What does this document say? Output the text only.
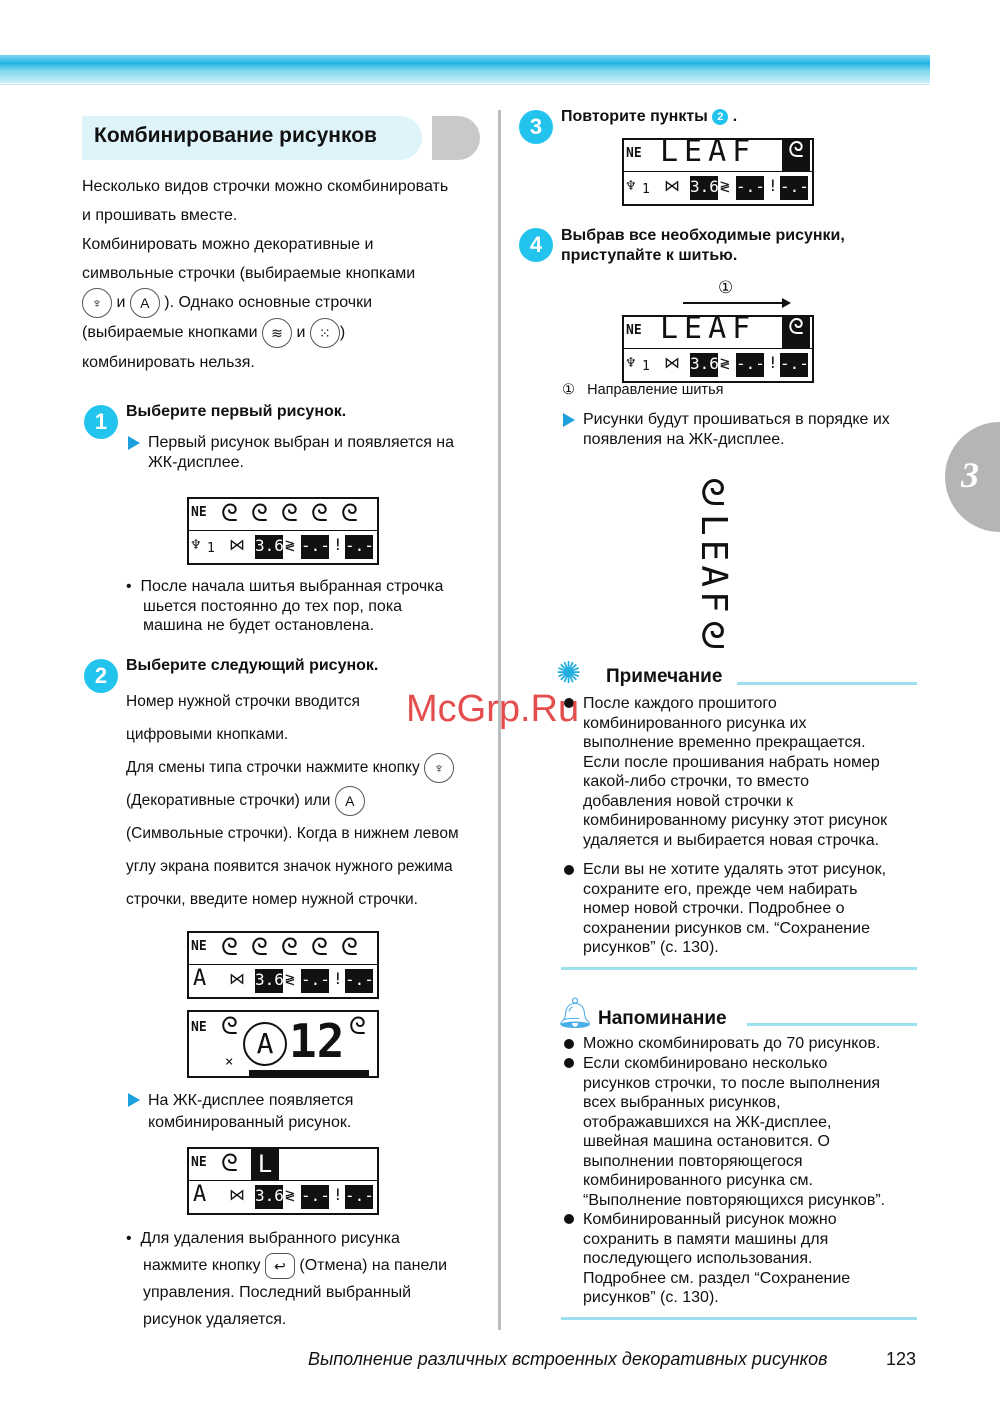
Комбинирование рисунков
Несколько видов строчки можно скомбинировать
и прошивать вместе.
Комбинировать можно декоративные и
символьные строчки (выбираемые кнопками
♆ и A ). Однако основные строчки
(выбираемые кнопками ≋ и ⁙ )
комбинировать нельзя.
1	Выберите первый рисунок.
Первый рисунок выбран и появляется на
ЖК-дисплее.
NE ᘓ ᘓ ᘓ ᘓ ᘓ
♆ 1 ⋈ 3.6 ≷ -.- ! -.-
•  После начала шитья выбранная строчка
шьется постоянно до тех пор, пока
машина не будет остановлена.
2	Выберите следующий рисунок.
Номер нужной строчки вводится
цифровыми кнопками.
Для смены типа строчки нажмите кнопку ♆
(Декоративные строчки) или A
(Символьные строчки). Когда в нижнем левом
углу экрана появится значок нужного режима
строчки, введите номер нужной строчки.
NE ᘓ ᘓ ᘓ ᘓ ᘓ
A ⋈ 3.6 ≷ -.- ! -.-
NE ᘓ
×
A 12 ᘓ
На ЖК-дисплее появляется
комбинированный рисунок.
NE ᘓ L
A ⋈ 3.6 ≷ -.- ! -.-
•  Для удаления выбранного рисунка
нажмите кнопку ↩ (Отмена) на панели
управления. Последний выбранный
рисунок удаляется.
3	Повторите пункты 2 .
NE LEAF ᘓ
♆ 1 ⋈ 3.6 ≷ -.- ! -.-
4	Выбрав все необходимые рисунки,
приступайте к шитью.
①
NE LEAF ᘓ
♆ 1 ⋈ 3.6 ≷ -.- ! -.-
① Направление шитья
Рисунки будут прошиваться в порядке их
появления на ЖК-дисплее.
ᘓ
LEAF
ᘓ
3
✺ Примечание
После каждого прошитого
комбинированного рисунка их
выполнение временно прекращается.
Если после прошивания набрать номер
какой-либо строчки, то вместо
добавления новой строчки к
комбинированному рисунку этот рисунок
удаляется и выбирается новая строчка.
Если вы не хотите удалять этот рисунок,
сохраните его, прежде чем набирать
номер новой строчки. Подробнее о
сохранении рисунков см. “Сохранение
рисунков” (с. 130).
🔔︎ Напоминание
Можно скомбинировать до 70 рисунков.
Если скомбинировано несколько
рисунков строчки, то после выполнения
всех выбранных рисунков,
отображавшихся на ЖК-дисплее,
швейная машина остановится. О
выполнении повторяющегося
комбинированного рисунка см.
“Выполнение повторяющихся рисунков”.
Комбинированный рисунок можно
сохранить в памяти машины для
последующего использования.
Подробнее см. раздел “Сохранение
рисунков” (с. 130).
Выполнение различных встроенных декоративных рисунков	123
McGrp.Ru
